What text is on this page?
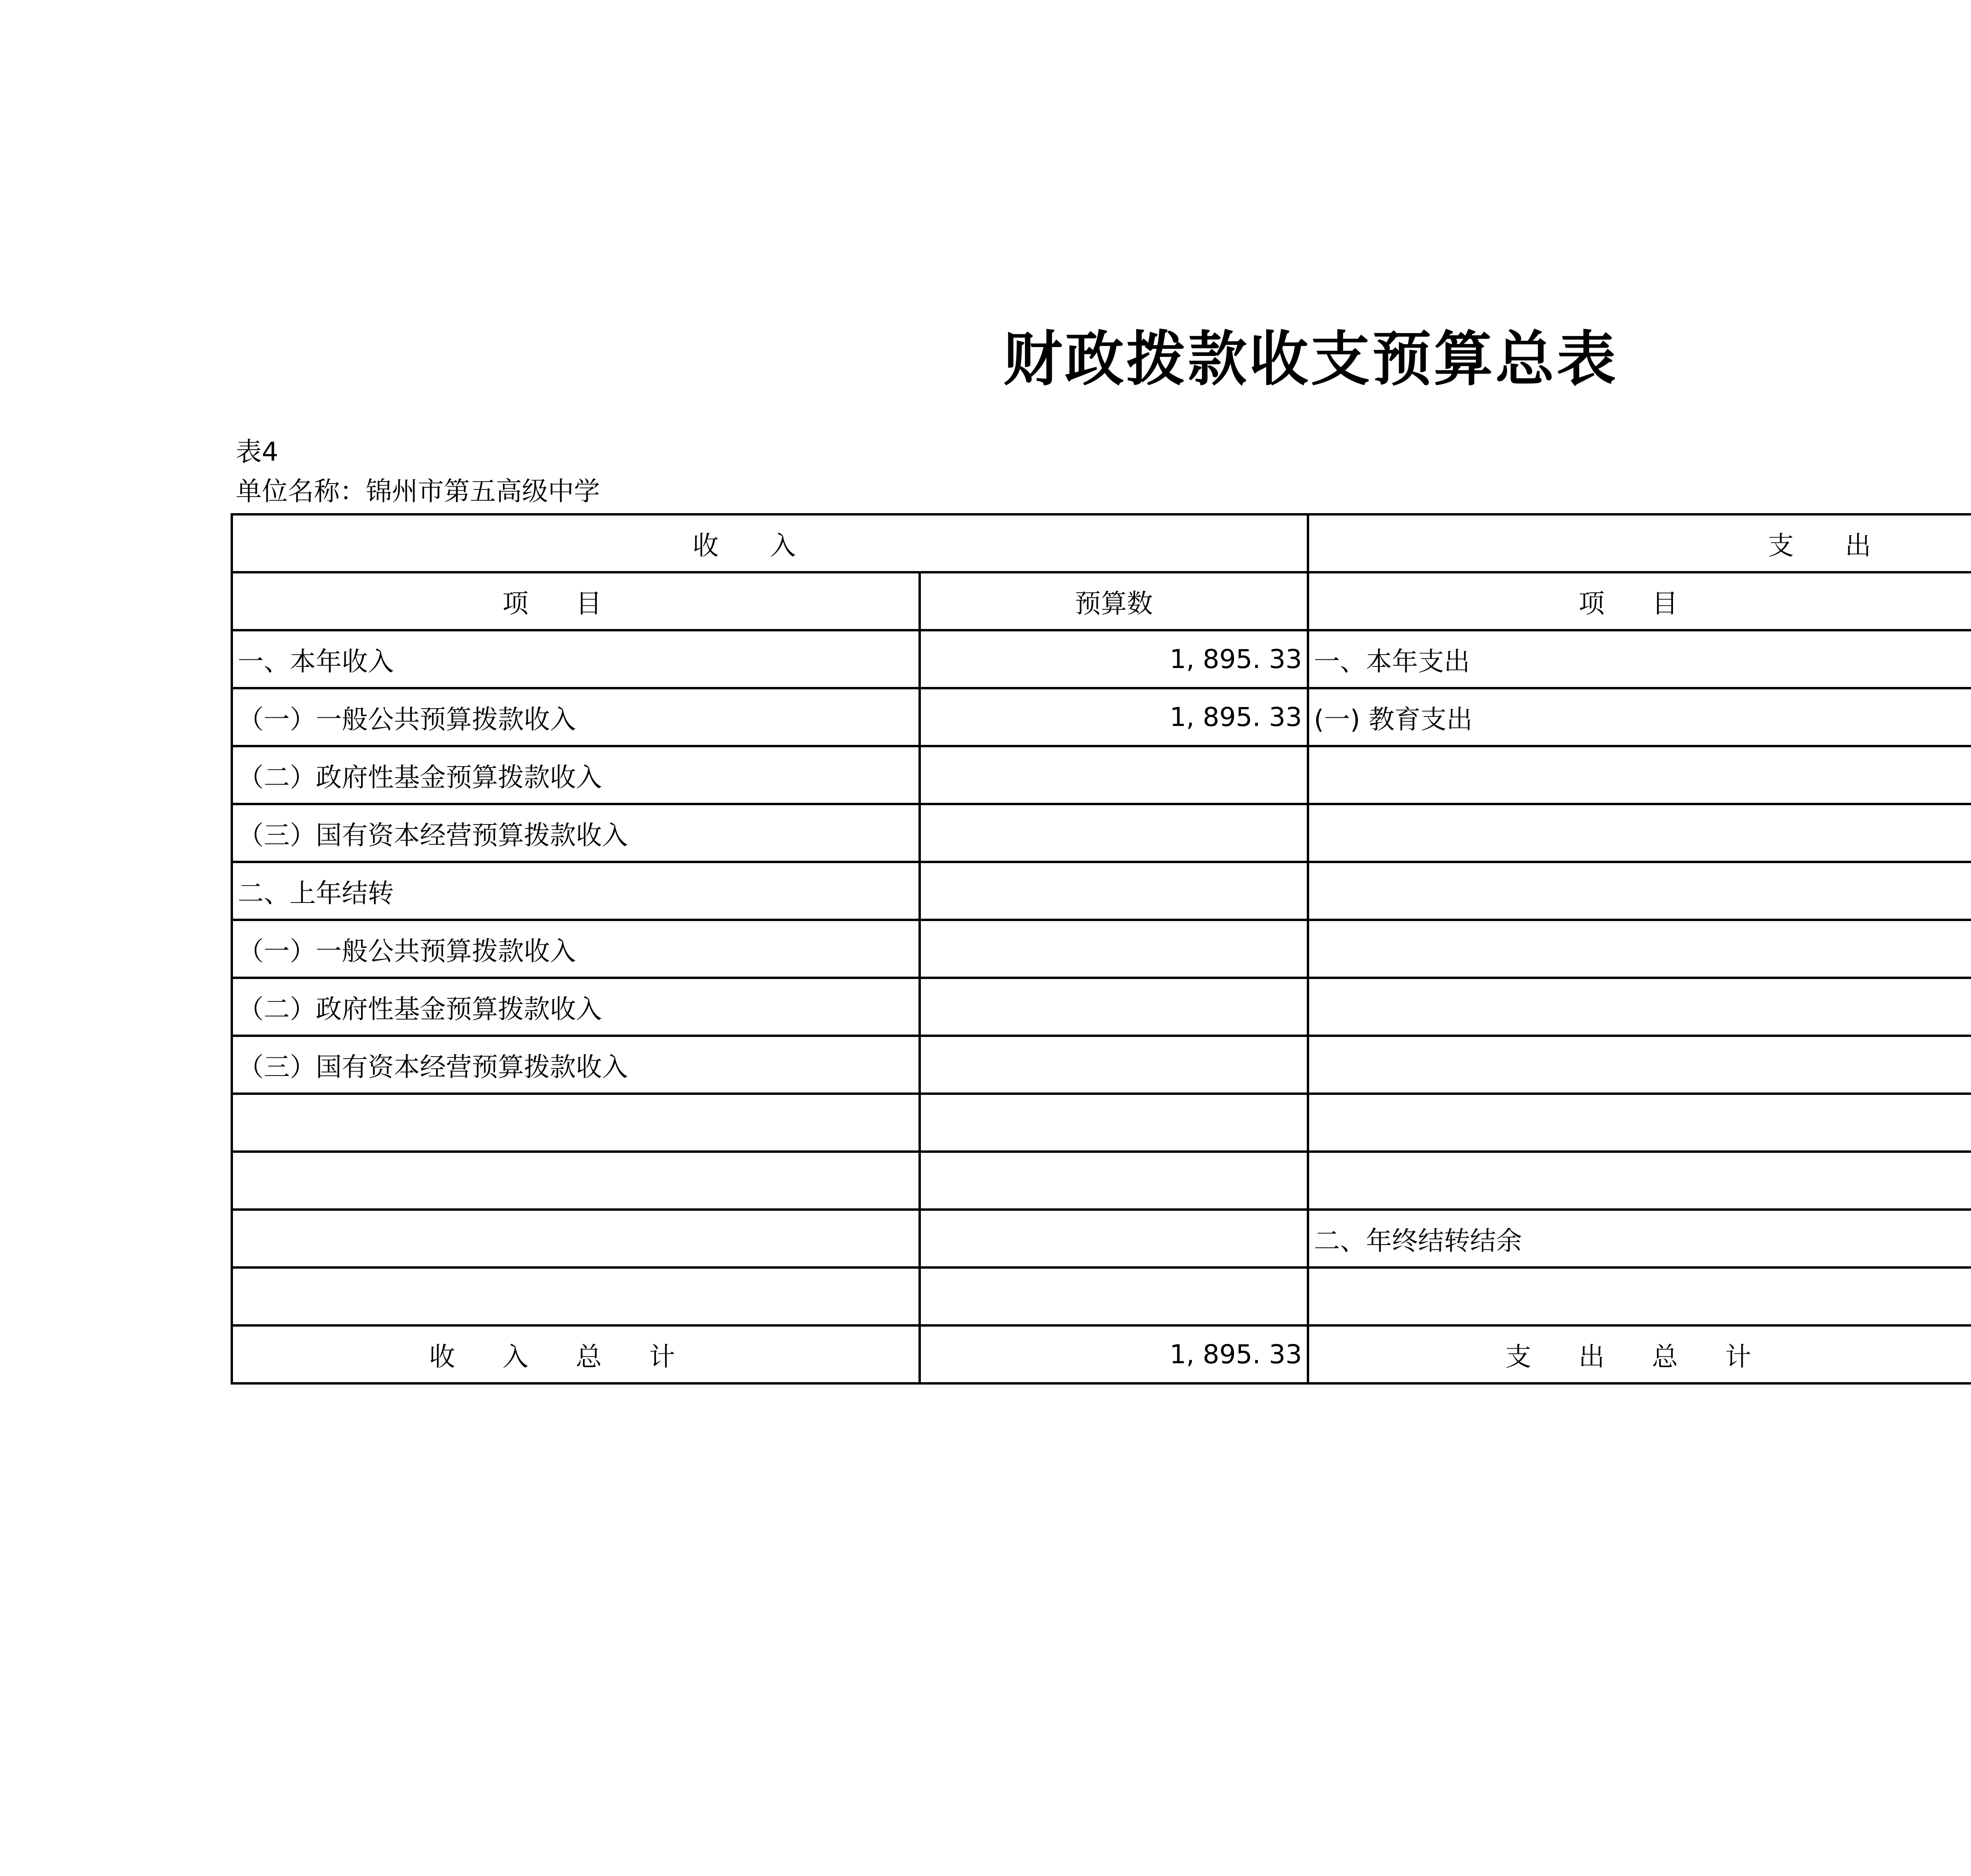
财政拨款收支预算总表
表4
单位名称：锦州市第五高级中学
收入		支出	
项目	预算数	项目	
一、本年收入	1, 895. 33	一、本年支出	
（一）一般公共预算拨款收入	1, 895. 33	(一) 教育支出	
（二）政府性基金预算拨款收入			
（三）国有资本经营预算拨款收入			
二、上年结转			
（一）一般公共预算拨款收入			
（二）政府性基金预算拨款收入			
（三）国有资本经营预算拨款收入			

		二、年终结转结余	

收入总计	1, 895. 33	支出总计	
